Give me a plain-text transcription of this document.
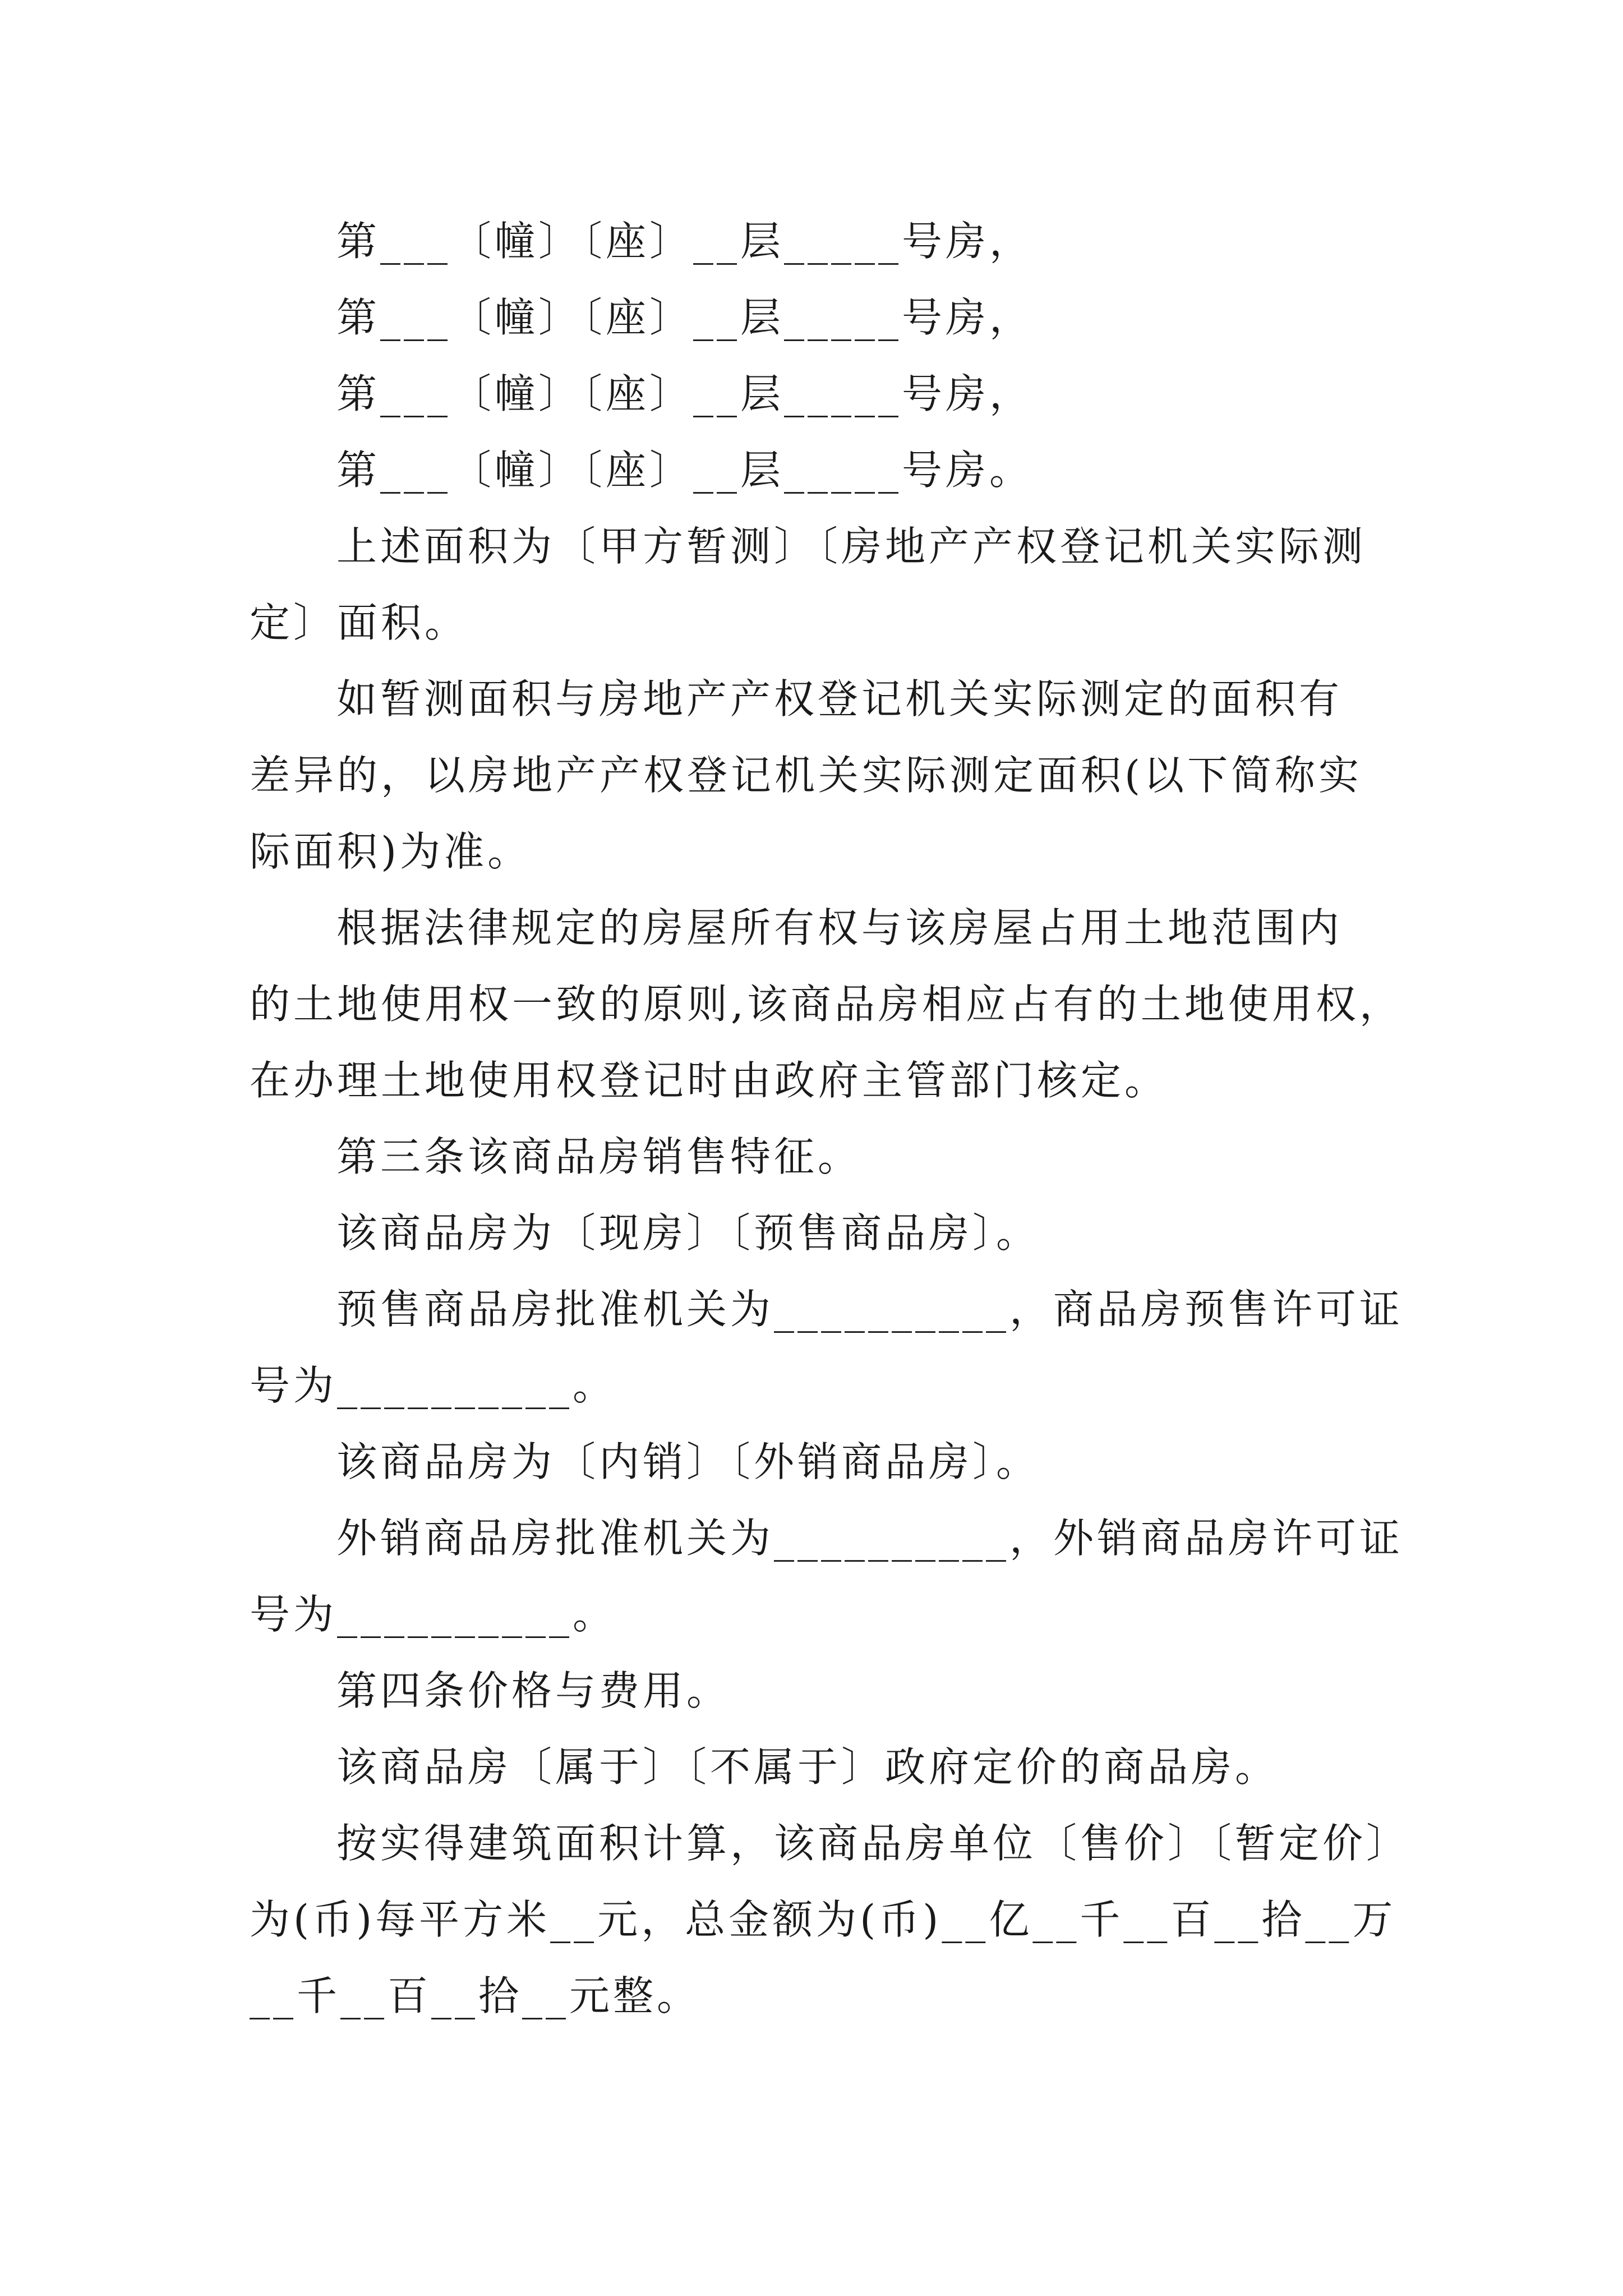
第___〔幢〕〔座〕__层_____号房，
第___〔幢〕〔座〕__层_____号房，
第___〔幢〕〔座〕__层_____号房，
第___〔幢〕〔座〕__层_____号房。
上述面积为〔甲方暂测〕〔房地产产权登记机关实际测
定〕面积。
如暂测面积与房地产产权登记机关实际测定的面积有
差异的，以房地产产权登记机关实际测定面积(以下简称实
际面积)为准。
根据法律规定的房屋所有权与该房屋占用土地范围内
的土地使用权一致的原则,该商品房相应占有的土地使用权，
在办理土地使用权登记时由政府主管部门核定。
第三条该商品房销售特征。
该商品房为〔现房〕〔预售商品房〕。
预售商品房批准机关为__________，商品房预售许可证
号为__________。
该商品房为〔内销〕〔外销商品房〕。
外销商品房批准机关为__________，外销商品房许可证
号为__________。
第四条价格与费用。
该商品房〔属于〕〔不属于〕政府定价的商品房。
按实得建筑面积计算，该商品房单位〔售价〕〔暂定价〕
为(币)每平方米__元，总金额为(币)__亿__千__百__拾__万
__千__百__拾__元整。
